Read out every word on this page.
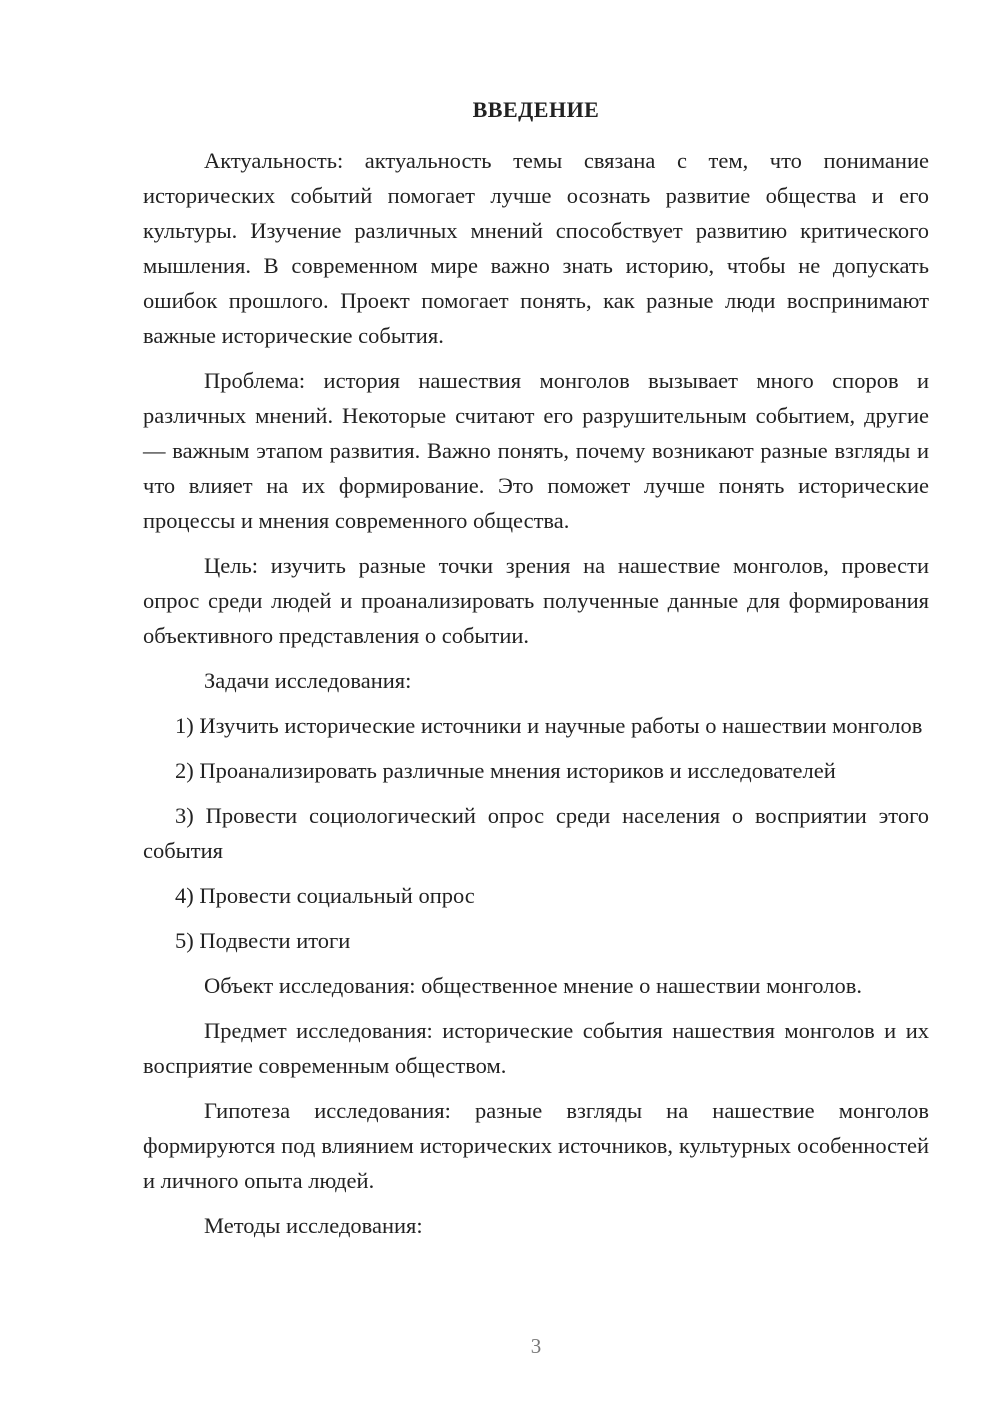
ВВЕДЕНИЕ

Актуальность: актуальность темы связана с тем, что понимание исторических событий помогает лучше осознать развитие общества и его культуры. Изучение различных мнений способствует развитию критического мышления. В современном мире важно знать историю, чтобы не допускать ошибок прошлого. Проект помогает понять, как разные люди воспринимают важные исторические события.

Проблема: история нашествия монголов вызывает много споров и различных мнений. Некоторые считают его разрушительным событием, другие — важным этапом развития. Важно понять, почему возникают разные взгляды и что влияет на их формирование. Это поможет лучше понять исторические процессы и мнения современного общества.

Цель: изучить разные точки зрения на нашествие монголов, провести опрос среди людей и проанализировать полученные данные для формирования объективного представления о событии.

Задачи исследования:

1) Изучить исторические источники и научные работы о нашествии монголов

2) Проанализировать различные мнения историков и исследователей

3) Провести социологический опрос среди населения о восприятии этого события

4) Провести социальный опрос

5) Подвести итоги

Объект исследования: общественное мнение о нашествии монголов.

Предмет исследования: исторические события нашествия монголов и их восприятие современным обществом.

Гипотеза исследования: разные взгляды на нашествие монголов формируются под влиянием исторических источников, культурных особенностей и личного опыта людей.

Методы исследования:

3
